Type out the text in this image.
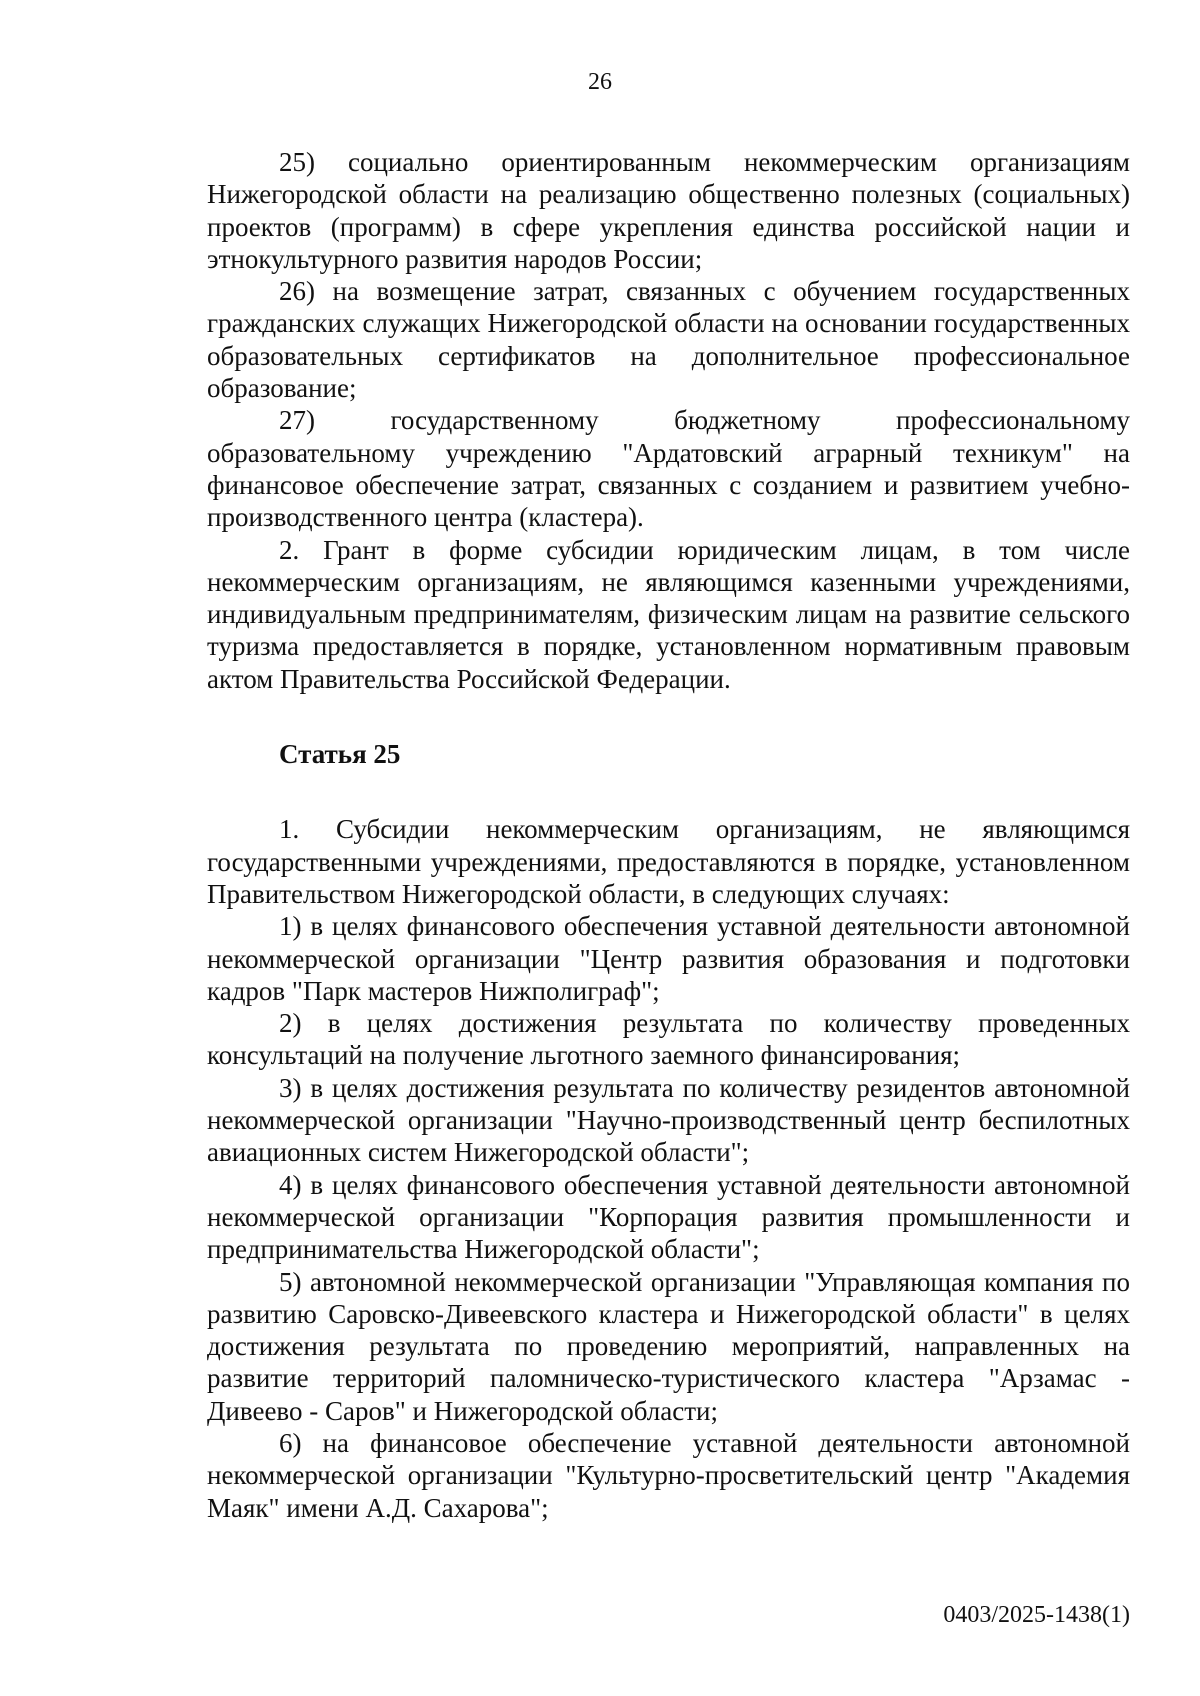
26

25) социально ориентированным некоммерческим организациям Нижегородской области на реализацию общественно полезных (социальных) проектов (программ) в сфере укрепления единства российской нации и этнокультурного развития народов России;

26) на возмещение затрат, связанных с обучением государственных гражданских служащих Нижегородской области на основании государственных образовательных сертификатов на дополнительное профессиональное образование;

27) государственному бюджетному профессиональному образовательному учреждению "Ардатовский аграрный техникум" на финансовое обеспечение затрат, связанных с созданием и развитием учебно-производственного центра (кластера).

2. Грант в форме субсидии юридическим лицам, в том числе некоммерческим организациям, не являющимся казенными учреждениями, индивидуальным предпринимателям, физическим лицам на развитие сельского туризма предоставляется в порядке, установленном нормативным правовым актом Правительства Российской Федерации.

Статья 25

1. Субсидии некоммерческим организациям, не являющимся государственными учреждениями, предоставляются в порядке, установленном Правительством Нижегородской области, в следующих случаях:

1) в целях финансового обеспечения уставной деятельности автономной некоммерческой организации "Центр развития образования и подготовки кадров "Парк мастеров Нижполиграф";

2) в целях достижения результата по количеству проведенных консультаций на получение льготного заемного финансирования;

3) в целях достижения результата по количеству резидентов автономной некоммерческой организации "Научно-производственный центр беспилотных авиационных систем Нижегородской области";

4) в целях финансового обеспечения уставной деятельности автономной некоммерческой организации "Корпорация развития промышленности и предпринимательства Нижегородской области";

5) автономной некоммерческой организации "Управляющая компания по развитию Саровско-Дивеевского кластера и Нижегородской области" в целях достижения результата по проведению мероприятий, направленных на развитие территорий паломническо-туристического кластера "Арзамас - Дивеево - Саров" и Нижегородской области;

6) на финансовое обеспечение уставной деятельности автономной некоммерческой организации "Культурно-просветительский центр "Академия Маяк" имени А.Д. Сахарова";

0403/2025-1438(1)
